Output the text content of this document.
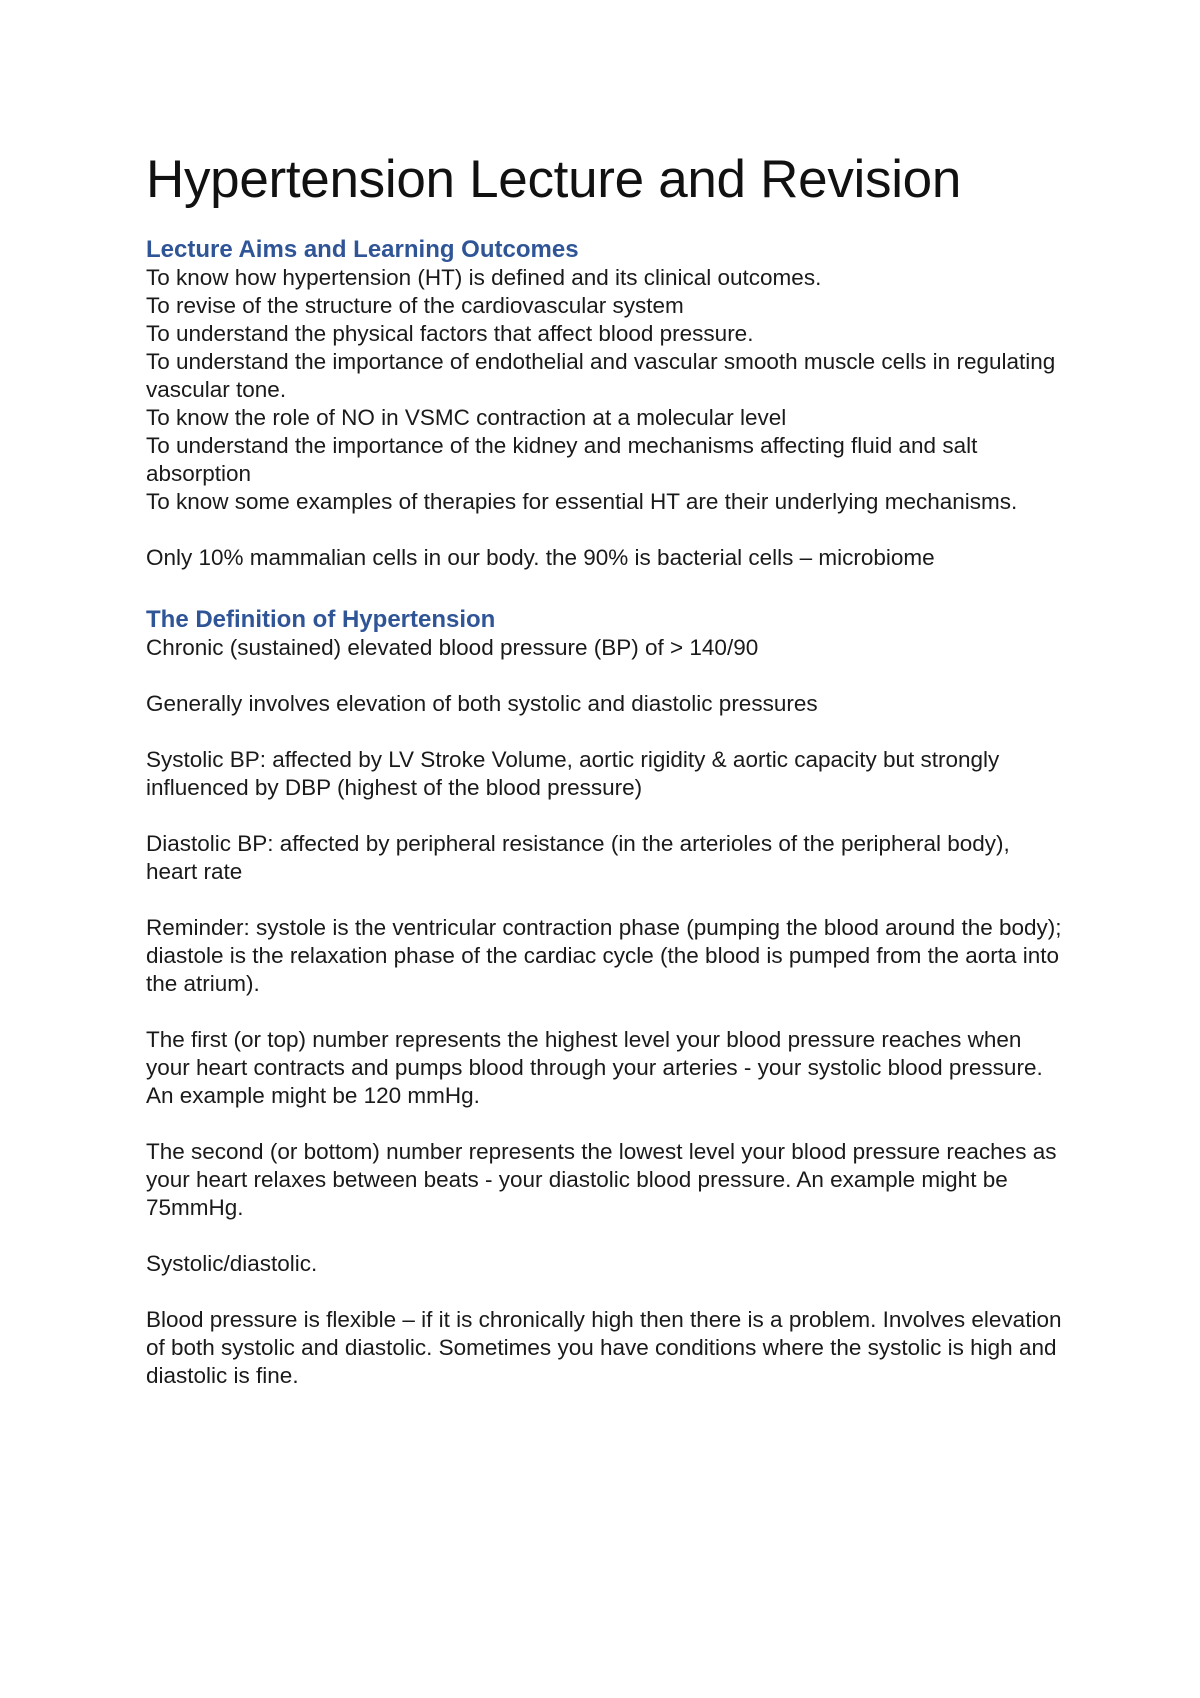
Hypertension Lecture and Revision
Lecture Aims and Learning Outcomes

To know how hypertension (HT) is defined and its clinical outcomes.

To revise of the structure of the cardiovascular system

To understand the physical factors that affect blood pressure.

To understand the importance of endothelial and vascular smooth muscle cells in regulating vascular tone.

To know the role of NO in VSMC contraction at a molecular level

To understand the importance of the kidney and mechanisms affecting fluid and salt absorption

To know some examples of therapies for essential HT are their underlying mechanisms.

Only 10% mammalian cells in our body. the 90% is bacterial cells – microbiome

The Definition of Hypertension

Chronic (sustained) elevated blood pressure (BP) of > 140/90

Generally involves elevation of both systolic and diastolic pressures

Systolic BP: affected by LV Stroke Volume, aortic rigidity & aortic capacity but strongly influenced by DBP (highest of the blood pressure)

Diastolic BP: affected by peripheral resistance (in the arterioles of the peripheral body), heart rate

Reminder: systole is the ventricular contraction phase (pumping the blood around the body); diastole is the relaxation phase of the cardiac cycle (the blood is pumped from the aorta into the atrium).

The first (or top) number represents the highest level your blood pressure reaches when your heart contracts and pumps blood through your arteries - your systolic blood pressure. An example might be 120 mmHg.

The second (or bottom) number represents the lowest level your blood pressure reaches as your heart relaxes between beats - your diastolic blood pressure. An example might be 75mmHg.

Systolic/diastolic.

Blood pressure is flexible – if it is chronically high then there is a problem. Involves elevation of both systolic and diastolic. Sometimes you have conditions where the systolic is high and diastolic is fine.
